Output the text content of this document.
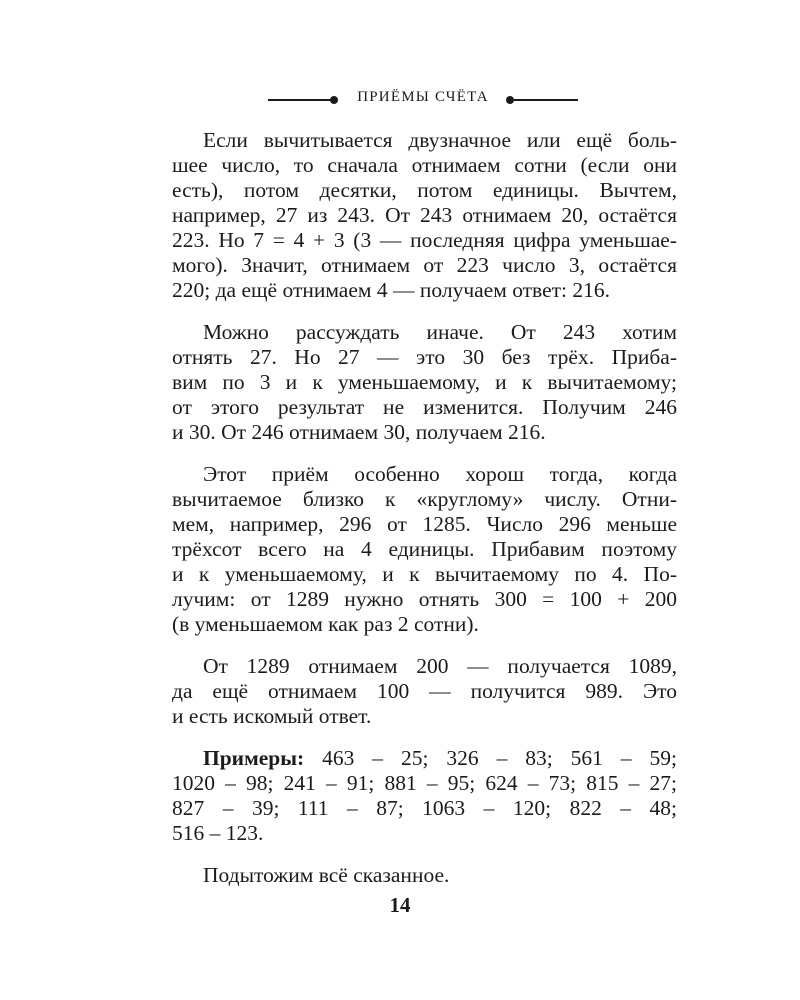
ПРИЁМЫ СЧЁТА
Если вычитывается двузначное или ещё боль-
шее число, то сначала отнимаем сотни (если они
есть), потом десятки, потом единицы. Вычтем,
например, 27 из 243. От 243 отнимаем 20, остаётся
223. Но 7 = 4 + 3 (3 — последняя цифра уменьшае-
мого). Значит, отнимаем от 223 число 3, остаётся
220; да ещё отнимаем 4 — получаем ответ: 216.
Можно рассуждать иначе. От 243 хотим
отнять 27. Но 27 — это 30 без трёх. Приба-
вим по 3 и к уменьшаемому, и к вычитаемому;
от этого результат не изменится. Получим 246
и 30. От 246 отнимаем 30, получаем 216.
Этот приём особенно хорош тогда, когда
вычитаемое близко к «круглому» числу. Отни-
мем, например, 296 от 1285. Число 296 меньше
трёхсот всего на 4 единицы. Прибавим поэтому
и к уменьшаемому, и к вычитаемому по 4. По-
лучим: от 1289 нужно отнять 300 = 100 + 200
(в уменьшаемом как раз 2 сотни).
От 1289 отнимаем 200 — получается 1089,
да ещё отнимаем 100 — получится 989. Это
и есть искомый ответ.
Примеры: 463 – 25; 326 – 83; 561 – 59;
1020 – 98; 241 – 91; 881 – 95; 624 – 73; 815 – 27;
827 – 39; 111 – 87; 1063 – 120; 822 – 48;
516 – 123.
Подытожим всё сказанное.
14
